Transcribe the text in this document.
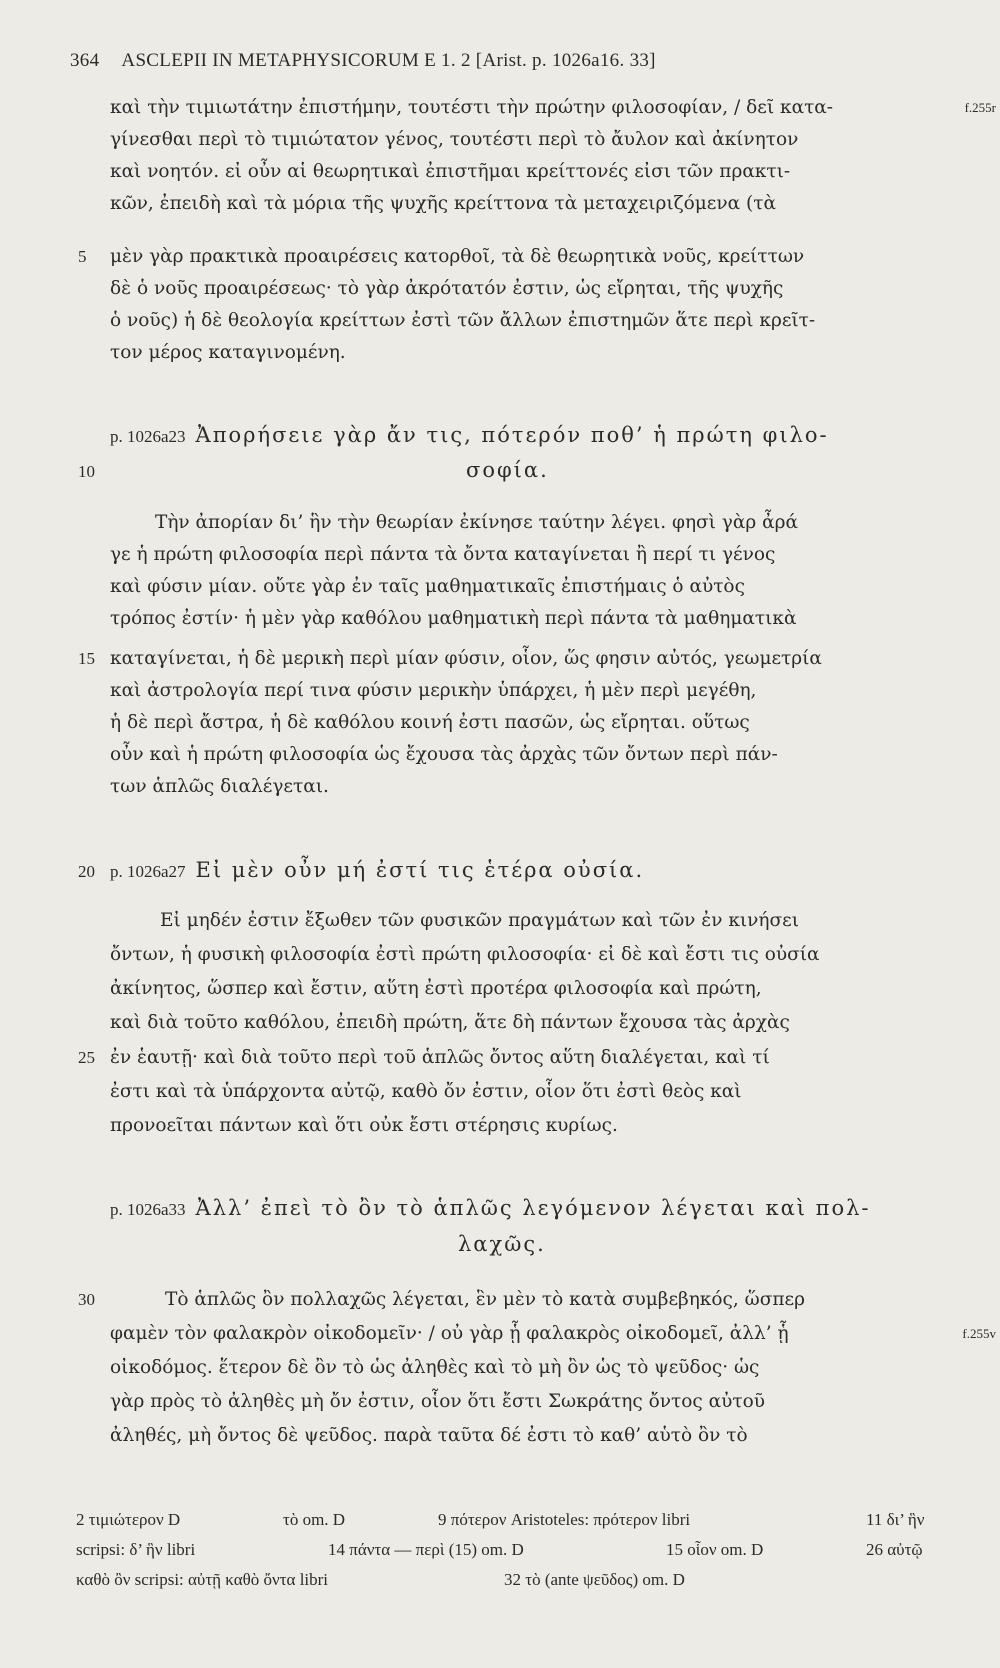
364 ASCLEPII IN METAPHYSICORUM E 1. 2 [Arist. p. 1026a16. 33]
καὶ τὴν τιμιωτάτην ἐπιστήμην, τουτέστι τὴν πρώτην φιλοσοφίαν, / δεῖ κατα-	f.255r
γίνεσθαι περὶ τὸ τιμιώτατον γένος, τουτέστι περὶ τὸ ἄυλον καὶ ἀκίνητον
καὶ νοητόν. εἰ οὖν αἱ θεωρητικαὶ ἐπιστῆμαι κρείττονές εἰσι τῶν πρακτι-
κῶν, ἐπειδὴ καὶ τὰ μόρια τῆς ψυχῆς κρείττονα τὰ μεταχειριζόμενα (τὰ
5 μὲν γὰρ πρακτικὰ προαιρέσεις κατορθοῖ, τὰ δὲ θεωρητικὰ νοῦς, κρείττων
δὲ ὁ νοῦς προαιρέσεως· τὸ γὰρ ἀκρότατόν ἐστιν, ὡς εἴρηται, τῆς ψυχῆς
ὁ νοῦς) ἡ δὲ θεολογία κρείττων ἐστὶ τῶν ἄλλων ἐπιστημῶν ἅτε περὶ κρεῖτ-
τον μέρος καταγινομένη.
p. 1026a23 Ἀπορήσειε γὰρ ἄν τις, πότερόν ποθ’ ἡ πρώτη φιλο-
10	σοφία.
Τὴν ἀπορίαν δι’ ἣν τὴν θεωρίαν ἐκίνησε ταύτην λέγει. φησὶ γὰρ ἆρά
γε ἡ πρώτη φιλοσοφία περὶ πάντα τὰ ὄντα καταγίνεται ἢ περί τι γένος
καὶ φύσιν μίαν. οὔτε γὰρ ἐν ταῖς μαθηματικαῖς ἐπιστήμαις ὁ αὐτὸς
τρόπος ἐστίν· ἡ μὲν γὰρ καθόλου μαθηματικὴ περὶ πάντα τὰ μαθηματικὰ
15 καταγίνεται, ἡ δὲ μερικὴ περὶ μίαν φύσιν, οἷον, ὥς φησιν αὐτός, γεωμετρία
καὶ ἀστρολογία περί τινα φύσιν μερικὴν ὑπάρχει, ἡ μὲν περὶ μεγέθη,
ἡ δὲ περὶ ἄστρα, ἡ δὲ καθόλου κοινή ἐστι πασῶν, ὡς εἴρηται. οὕτως
οὖν καὶ ἡ πρώτη φιλοσοφία ὡς ἔχουσα τὰς ἀρχὰς τῶν ὄντων περὶ πάν-
των ἁπλῶς διαλέγεται.
20 p. 1026a27 Εἰ μὲν οὖν μή ἐστί τις ἑτέρα οὐσία.
Εἰ μηδέν ἐστιν ἔξωθεν τῶν φυσικῶν πραγμάτων καὶ τῶν ἐν κινήσει
ὄντων, ἡ φυσικὴ φιλοσοφία ἐστὶ πρώτη φιλοσοφία· εἰ δὲ καὶ ἔστι τις οὐσία
ἀκίνητος, ὥσπερ καὶ ἔστιν, αὕτη ἐστὶ προτέρα φιλοσοφία καὶ πρώτη,
καὶ διὰ τοῦτο καθόλου, ἐπειδὴ πρώτη, ἅτε δὴ πάντων ἔχουσα τὰς ἀρχὰς
25 ἐν ἑαυτῇ· καὶ διὰ τοῦτο περὶ τοῦ ἁπλῶς ὄντος αὕτη διαλέγεται, καὶ τί
ἐστι καὶ τὰ ὑπάρχοντα αὐτῷ, καθὸ ὄν ἐστιν, οἷον ὅτι ἐστὶ θεὸς καὶ
προνοεῖται πάντων καὶ ὅτι οὐκ ἔστι στέρησις κυρίως.
p. 1026a33 Ἀλλ’ ἐπεὶ τὸ ὂν τὸ ἁπλῶς λεγόμενον λέγεται καὶ πολ-
λαχῶς.
30	Τὸ ἁπλῶς ὂν πολλαχῶς λέγεται, ἓν μὲν τὸ κατὰ συμβεβηκός, ὥσπερ
φαμὲν τὸν φαλακρὸν οἰκοδομεῖν· / οὐ γὰρ ᾗ φαλακρὸς οἰκοδομεῖ, ἀλλ’ ᾗ	f.255v
οἰκοδόμος. ἕτερον δὲ ὂν τὸ ὡς ἀληθὲς καὶ τὸ μὴ ὂν ὡς τὸ ψεῦδος· ὡς
γὰρ πρὸς τὸ ἀληθὲς μὴ ὄν ἐστιν, οἷον ὅτι ἔστι Σωκράτης ὄντος αὐτοῦ
ἀληθές, μὴ ὄντος δὲ ψεῦδος. παρὰ ταῦτα δέ ἐστι τὸ καθ’ αὑτὸ ὂν τὸ
2 τιμιώτερον D	τὸ om. D	9 πότερον Aristoteles: πρότερον libri	11 δι’ ἣν
scripsi: δ’ ἣν libri	14 πάντα — περὶ (15) om. D	15 οἷον om. D	26 αὐτῷ
καθὸ ὂν scripsi: αὐτῇ καθὸ ὄντα libri	32 τὸ (ante ψεῦδος) om. D
